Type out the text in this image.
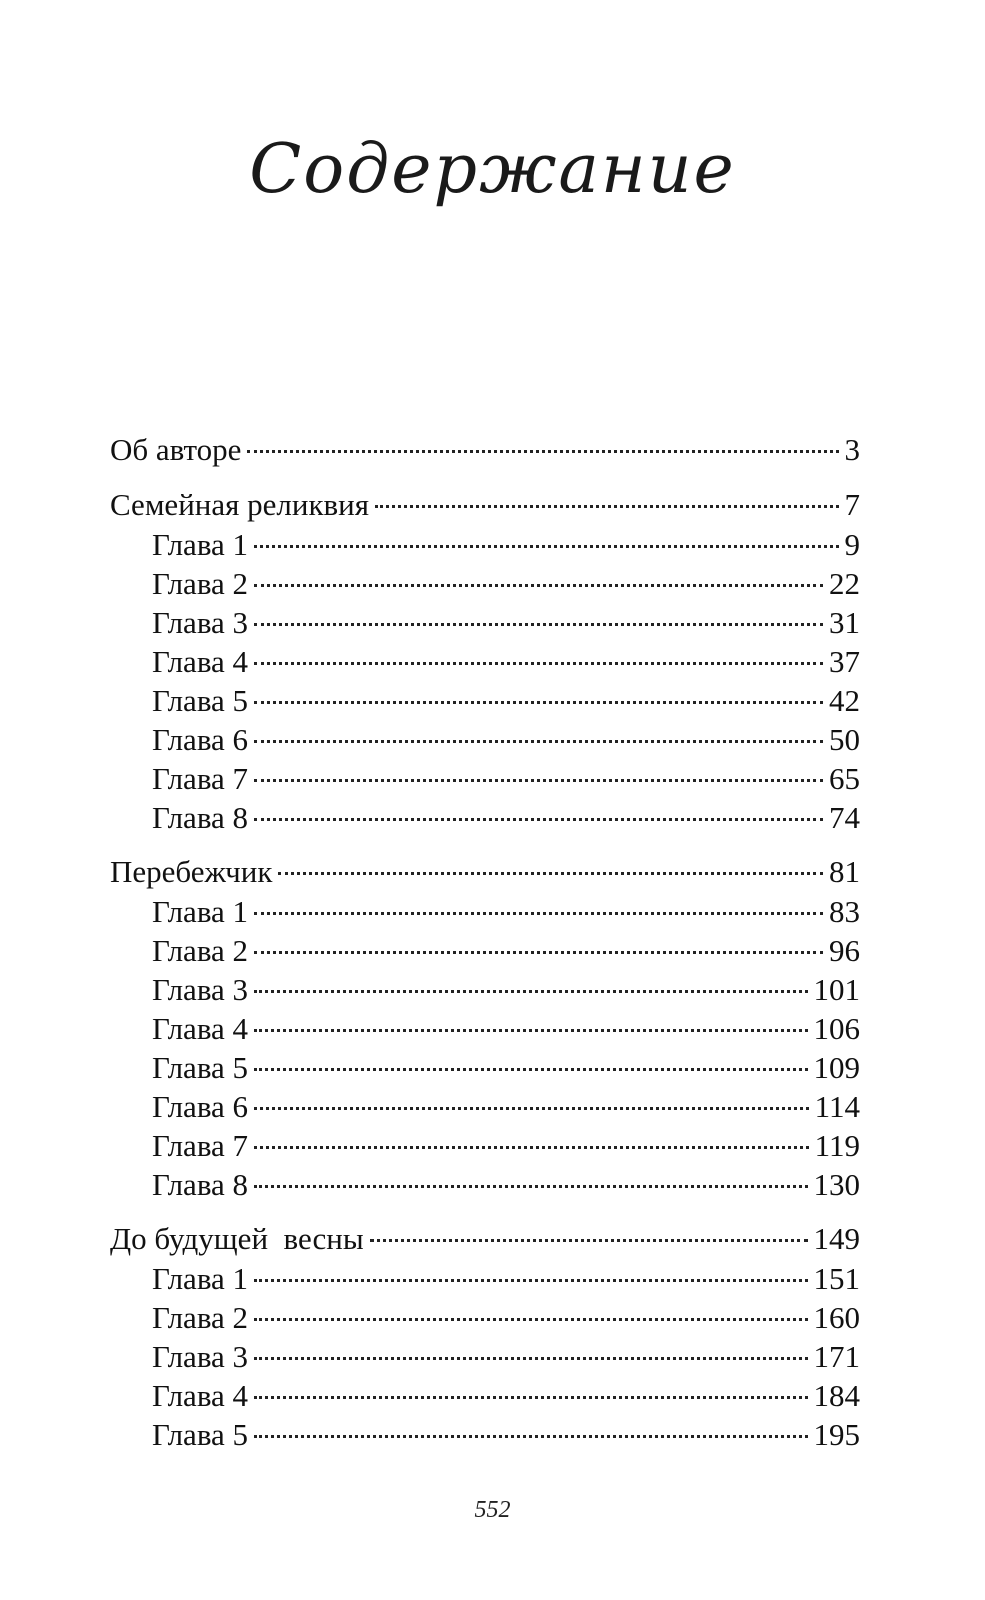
Содержание
Об авторе	3
Семейная реликвия	7
Глава 1	9
Глава 2	22
Глава 3	31
Глава 4	37
Глава 5	42
Глава 6	50
Глава 7	65
Глава 8	74
Перебежчик	81
Глава 1	83
Глава 2	96
Глава 3	101
Глава 4	106
Глава 5	109
Глава 6	114
Глава 7	119
Глава 8	130
До будущей  весны	149
Глава 1	151
Глава 2	160
Глава 3	171
Глава 4	184
Глава 5	195
552
